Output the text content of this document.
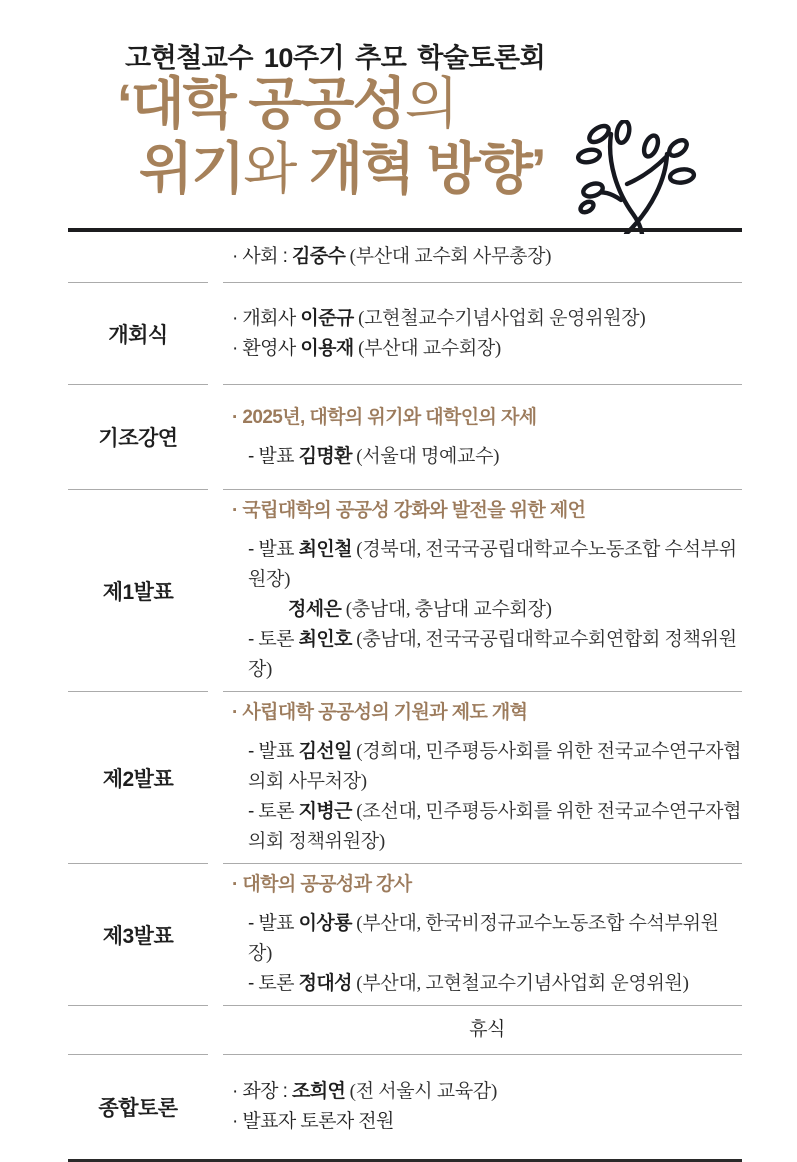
고현철교수 10주기 추모 학술토론회
‘대학 공공성의
위기와 개혁 방향’
· 사회 : 김중수 (부산대 교수회 사무총장)
개회식
· 개회사 이준규 (고현철교수기념사업회 운영위원장)
· 환영사 이용재 (부산대 교수회장)
기조강연
· 2025년, 대학의 위기와 대학인의 자세
- 발표 김명환 (서울대 명예교수)
제1발표
· 국립대학의 공공성 강화와 발전을 위한 제언
- 발표 최인철 (경북대, 전국국공립대학교수노동조합 수석부위원장)
정세은 (충남대, 충남대 교수회장)
- 토론 최인호 (충남대, 전국국공립대학교수회연합회 정책위원장)
제2발표
· 사립대학 공공성의 기원과 제도 개혁
- 발표 김선일 (경희대, 민주평등사회를 위한 전국교수연구자협의회 사무처장)
- 토론 지병근 (조선대, 민주평등사회를 위한 전국교수연구자협의회 정책위원장)
제3발표
· 대학의 공공성과 강사
- 발표 이상룡 (부산대, 한국비정규교수노동조합 수석부위원장)
- 토론 정대성 (부산대, 고현철교수기념사업회 운영위원)
휴식
종합토론
· 좌장 : 조희연 (전 서울시 교육감)
· 발표자 토론자 전원
